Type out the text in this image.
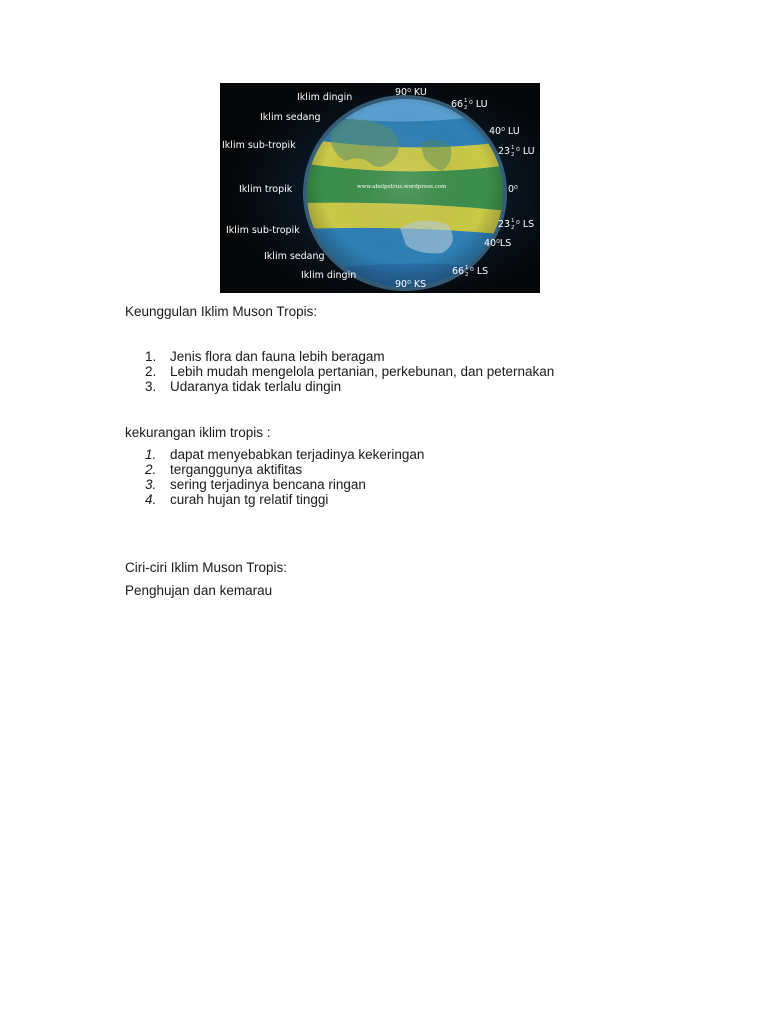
www.abelpetrus.wordpress.com
Iklim dingin
Iklim sedang
Iklim sub-tropik
Iklim tropik
Iklim sub-tropik
Iklim sedang
Iklim dingin
90⁰ KU
66 1
2 ⁰ LU
40⁰ LU
23 1
2 ⁰ LU
0⁰
23 1
2 ⁰ LS
40⁰LS
66 1
2 ⁰ LS
90⁰ KS
Keunggulan Iklim Muson Tropis:
1.	Jenis flora dan fauna lebih beragam
2.	Lebih mudah mengelola pertanian, perkebunan, dan peternakan
3.	Udaranya tidak terlalu dingin
kekurangan iklim tropis :
1.	dapat menyebabkan terjadinya kekeringan
2.	terganggunya aktifitas
3.	sering terjadinya bencana ringan
4.	curah hujan tg relatif tinggi
Ciri-ciri Iklim Muson Tropis:
Penghujan dan kemarau
